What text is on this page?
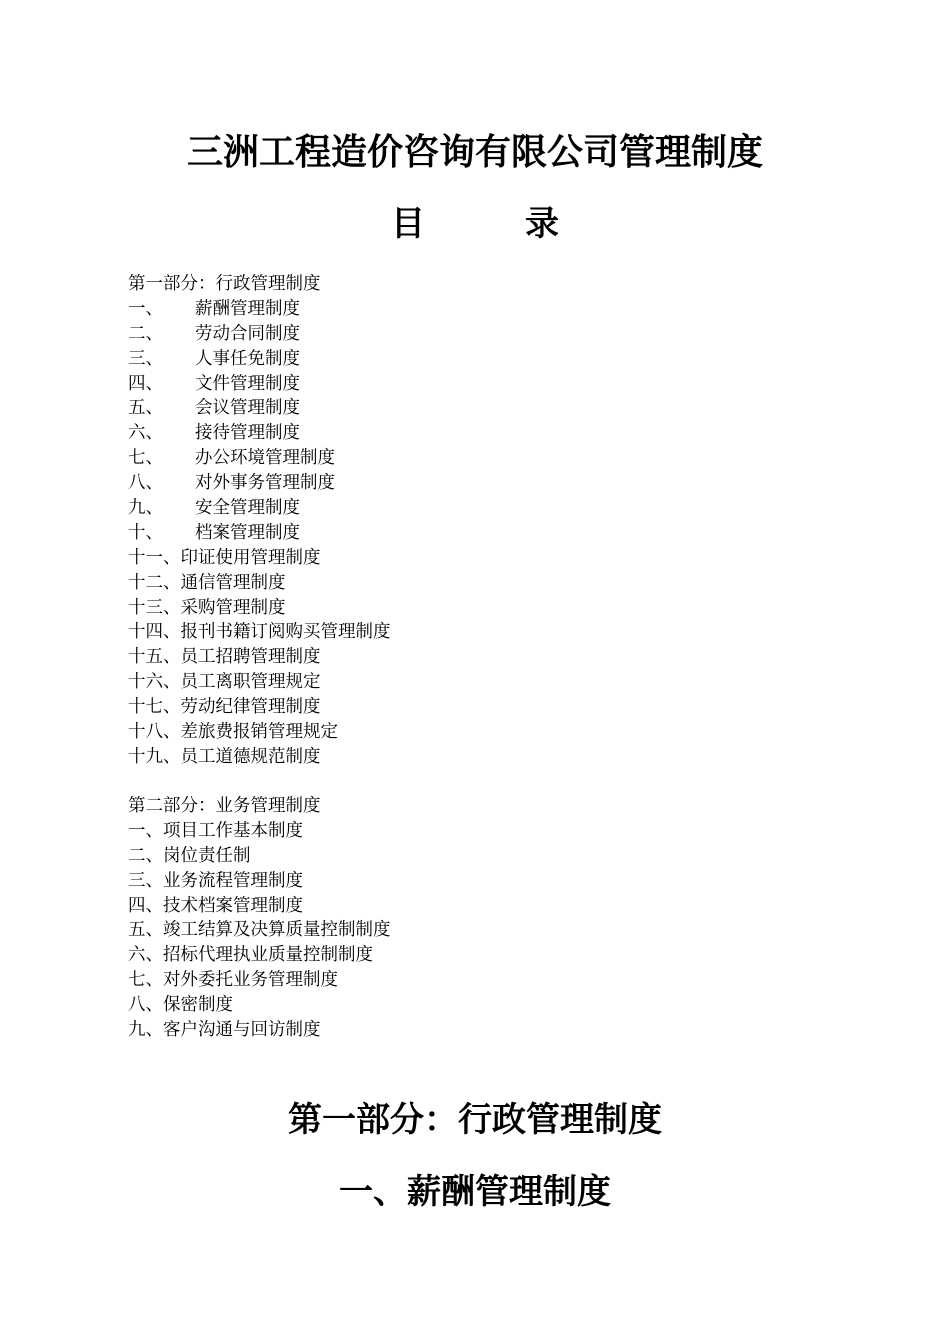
三洲工程造价咨询有限公司管理制度
目	录
第一部分：行政管理制度
一、 薪酬管理制度
二、 劳动合同制度
三、 人事任免制度
四、 文件管理制度
五、 会议管理制度
六、 接待管理制度
七、 办公环境管理制度
八、 对外事务管理制度
九、 安全管理制度
十、 档案管理制度
十一、印证使用管理制度
十二、通信管理制度
十三、采购管理制度
十四、报刊书籍订阅购买管理制度
十五、员工招聘管理制度
十六、员工离职管理规定
十七、劳动纪律管理制度
十八、差旅费报销管理规定
十九、员工道德规范制度
第二部分：业务管理制度
一、项目工作基本制度
二、岗位责任制
三、业务流程管理制度
四、技术档案管理制度
五、竣工结算及决算质量控制制度
六、招标代理执业质量控制制度
七、对外委托业务管理制度
八、保密制度
九、客户沟通与回访制度
第一部分：行政管理制度
一、薪酬管理制度
